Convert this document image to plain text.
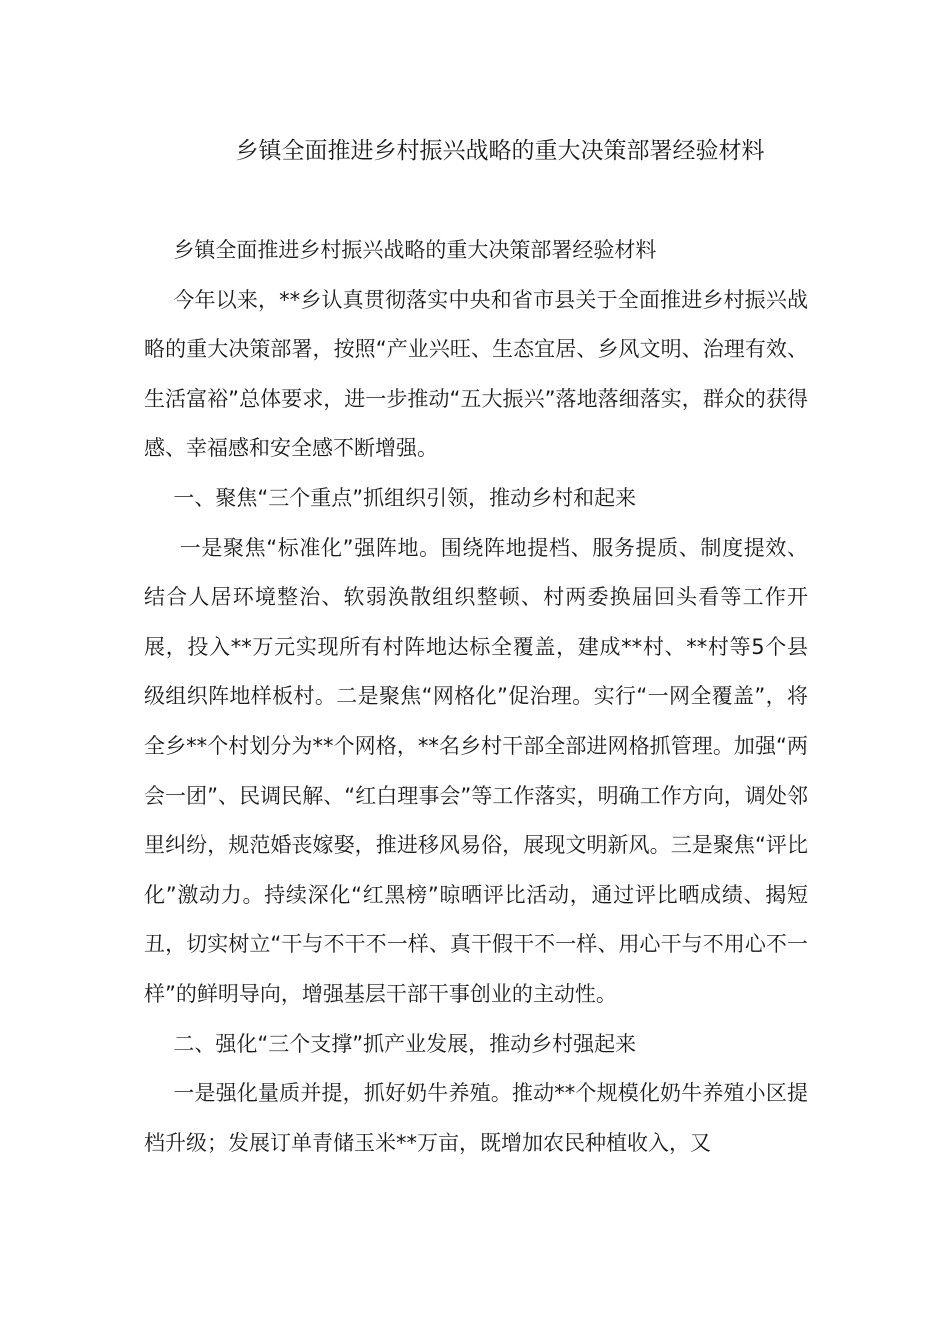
乡镇全面推进乡村振兴战略的重大决策部署经验材料

乡镇全面推进乡村振兴战略的重大决策部署经验材料

今年以来，**乡认真贯彻落实中央和省市县关于全面推进乡村振兴战略的重大决策部署，按照“产业兴旺、生态宜居、乡风文明、治理有效、生活富裕”总体要求，进一步推动“五大振兴”落地落细落实，群众的获得感、幸福感和安全感不断增强。

一、聚焦“三个重点”抓组织引领，推动乡村和起来

一是聚焦“标准化”强阵地。围绕阵地提档、服务提质、制度提效、结合人居环境整治、软弱涣散组织整顿、村两委换届回头看等工作开展，投入**万元实现所有村阵地达标全覆盖，建成**村、**村等5个县级组织阵地样板村。二是聚焦“网格化”促治理。实行“一网全覆盖”，将全乡**个村划分为**个网格，**名乡村干部全部进网格抓管理。加强“两会一团”、民调民解、“红白理事会”等工作落实，明确工作方向，调处邻里纠纷，规范婚丧嫁娶，推进移风易俗，展现文明新风。三是聚焦“评比化”激动力。持续深化“红黑榜”晾晒评比活动，通过评比晒成绩、揭短丑，切实树立“干与不干不一样、真干假干不一样、用心干与不用心不一样”的鲜明导向，增强基层干部干事创业的主动性。

二、强化“三个支撑”抓产业发展，推动乡村强起来

一是强化量质并提，抓好奶牛养殖。推动**个规模化奶牛养殖小区提档升级；发展订单青储玉米**万亩，既增加农民种植收入，又
